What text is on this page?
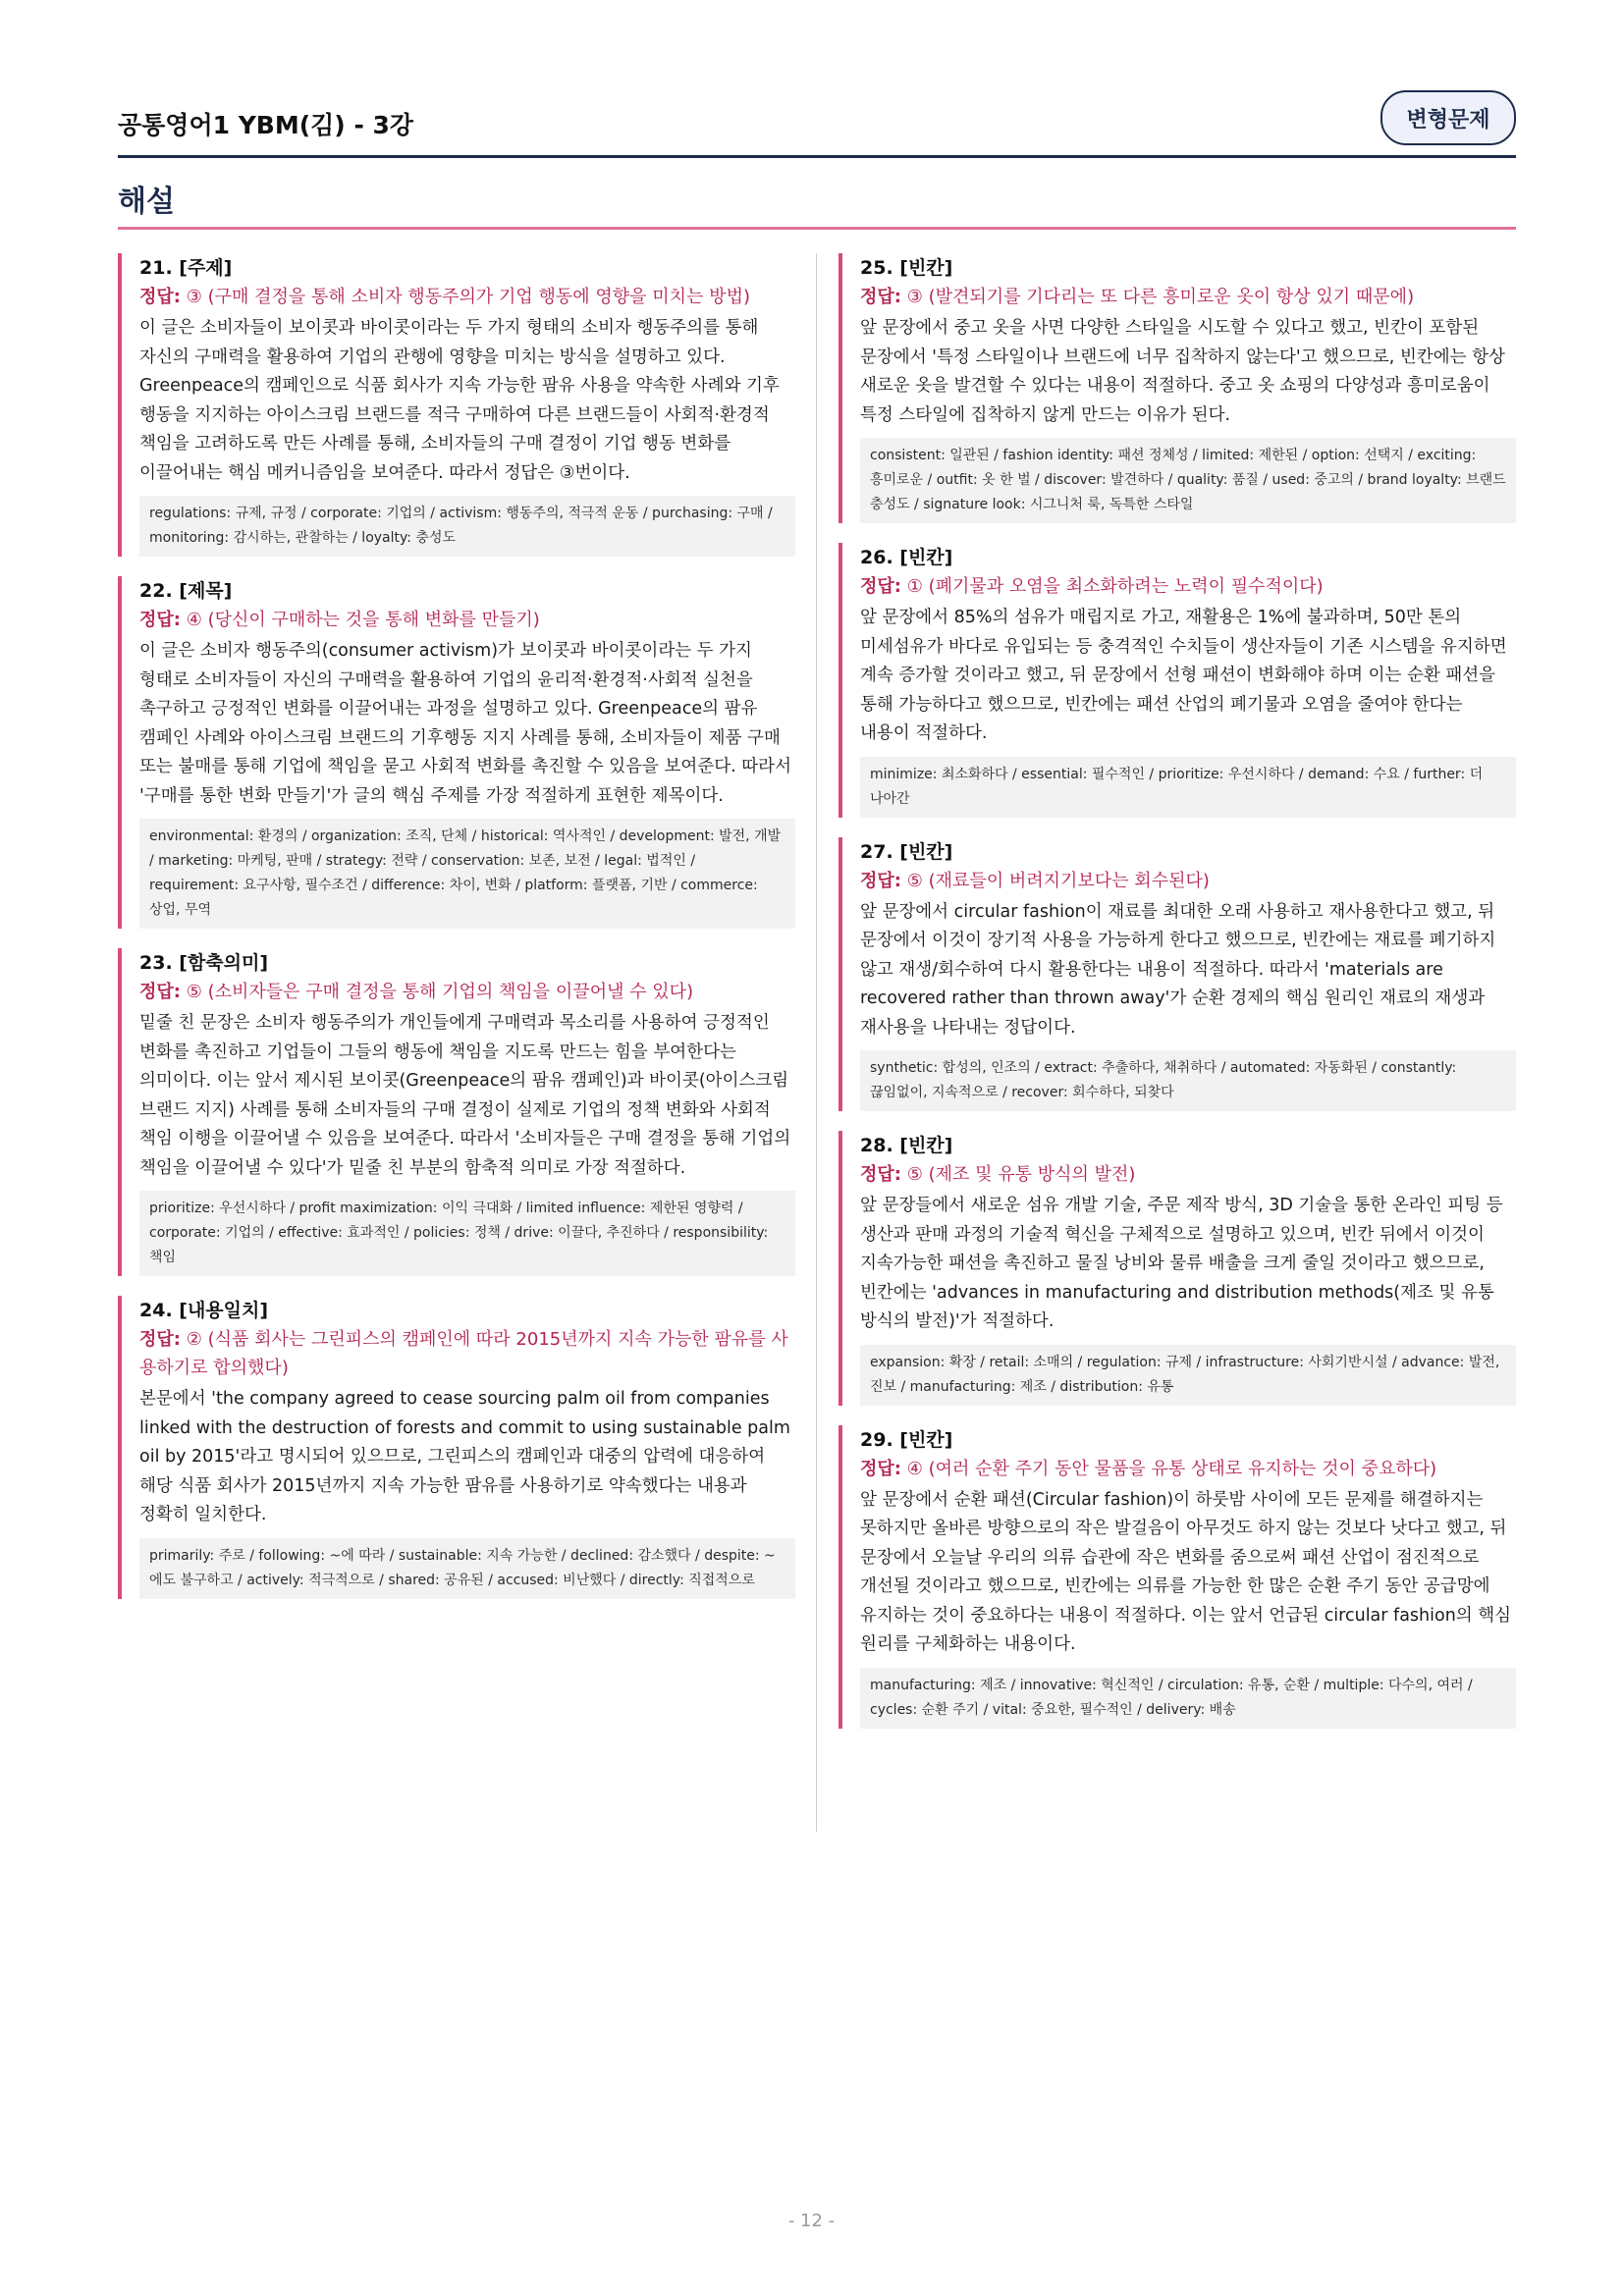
공통영어1 YBM(김) - 3강	변형문제
해설
21. [주제]
정답: ③ (구매 결정을 통해 소비자 행동주의가 기업 행동에 영향을 미치는 방법)
이 글은 소비자들이 보이콧과 바이콧이라는 두 가지 형태의 소비자 행동주의를 통해 자신의 구매력을 활용하여 기업의 관행에 영향을 미치는 방식을 설명하고 있다. Greenpeace의 캠페인으로 식품 회사가 지속 가능한 팜유 사용을 약속한 사례와 기후 행동을 지지하는 아이스크림 브랜드를 적극 구매하여 다른 브랜드들이 사회적·환경적 책임을 고려하도록 만든 사례를 통해, 소비자들의 구매 결정이 기업 행동 변화를 이끌어내는 핵심 메커니즘임을 보여준다. 따라서 정답은 ③번이다.
regulations: 규제, 규정 / corporate: 기업의 / activism: 행동주의, 적극적 운동 / purchasing: 구매 / monitoring: 감시하는, 관찰하는 / loyalty: 충성도
22. [제목]
정답: ④ (당신이 구매하는 것을 통해 변화를 만들기)
이 글은 소비자 행동주의(consumer activism)가 보이콧과 바이콧이라는 두 가지 형태로 소비자들이 자신의 구매력을 활용하여 기업의 윤리적·환경적·사회적 실천을 촉구하고 긍정적인 변화를 이끌어내는 과정을 설명하고 있다. Greenpeace의 팜유 캠페인 사례와 아이스크림 브랜드의 기후행동 지지 사례를 통해, 소비자들이 제품 구매 또는 불매를 통해 기업에 책임을 묻고 사회적 변화를 촉진할 수 있음을 보여준다. 따라서 '구매를 통한 변화 만들기'가 글의 핵심 주제를 가장 적절하게 표현한 제목이다.
environmental: 환경의 / organization: 조직, 단체 / historical: 역사적인 / development: 발전, 개발 / marketing: 마케팅, 판매 / strategy: 전략 / conservation: 보존, 보전 / legal: 법적인 / requirement: 요구사항, 필수조건 / difference: 차이, 변화 / platform: 플랫폼, 기반 / commerce: 상업, 무역
23. [함축의미]
정답: ⑤ (소비자들은 구매 결정을 통해 기업의 책임을 이끌어낼 수 있다)
밑줄 친 문장은 소비자 행동주의가 개인들에게 구매력과 목소리를 사용하여 긍정적인 변화를 촉진하고 기업들이 그들의 행동에 책임을 지도록 만드는 힘을 부여한다는 의미이다. 이는 앞서 제시된 보이콧(Greenpeace의 팜유 캠페인)과 바이콧(아이스크림 브랜드 지지) 사례를 통해 소비자들의 구매 결정이 실제로 기업의 정책 변화와 사회적 책임 이행을 이끌어낼 수 있음을 보여준다. 따라서 '소비자들은 구매 결정을 통해 기업의 책임을 이끌어낼 수 있다'가 밑줄 친 부분의 함축적 의미로 가장 적절하다.
prioritize: 우선시하다 / profit maximization: 이익 극대화 / limited influence: 제한된 영향력 / corporate: 기업의 / effective: 효과적인 / policies: 정책 / drive: 이끌다, 추진하다 / responsibility: 책임
24. [내용일치]
정답: ② (식품 회사는 그린피스의 캠페인에 따라 2015년까지 지속 가능한 팜유를 사용하기로 합의했다)
본문에서 'the company agreed to cease sourcing palm oil from companies linked with the destruction of forests and commit to using sustainable palm oil by 2015'라고 명시되어 있으므로, 그린피스의 캠페인과 대중의 압력에 대응하여 해당 식품 회사가 2015년까지 지속 가능한 팜유를 사용하기로 약속했다는 내용과 정확히 일치한다.
primarily: 주로 / following: ~에 따라 / sustainable: 지속 가능한 / declined: 감소했다 / despite: ~에도 불구하고 / actively: 적극적으로 / shared: 공유된 / accused: 비난했다 / directly: 직접적으로
25. [빈칸]
정답: ③ (발견되기를 기다리는 또 다른 흥미로운 옷이 항상 있기 때문에)
앞 문장에서 중고 옷을 사면 다양한 스타일을 시도할 수 있다고 했고, 빈칸이 포함된 문장에서 '특정 스타일이나 브랜드에 너무 집착하지 않는다'고 했으므로, 빈칸에는 항상 새로운 옷을 발견할 수 있다는 내용이 적절하다. 중고 옷 쇼핑의 다양성과 흥미로움이 특정 스타일에 집착하지 않게 만드는 이유가 된다.
consistent: 일관된 / fashion identity: 패션 정체성 / limited: 제한된 / option: 선택지 / exciting: 흥미로운 / outfit: 옷 한 벌 / discover: 발견하다 / quality: 품질 / used: 중고의 / brand loyalty: 브랜드 충성도 / signature look: 시그니처 룩, 독특한 스타일
26. [빈칸]
정답: ① (폐기물과 오염을 최소화하려는 노력이 필수적이다)
앞 문장에서 85%의 섬유가 매립지로 가고, 재활용은 1%에 불과하며, 50만 톤의 미세섬유가 바다로 유입되는 등 충격적인 수치들이 생산자들이 기존 시스템을 유지하면 계속 증가할 것이라고 했고, 뒤 문장에서 선형 패션이 변화해야 하며 이는 순환 패션을 통해 가능하다고 했으므로, 빈칸에는 패션 산업의 폐기물과 오염을 줄여야 한다는 내용이 적절하다.
minimize: 최소화하다 / essential: 필수적인 / prioritize: 우선시하다 / demand: 수요 / further: 더 나아간
27. [빈칸]
정답: ⑤ (재료들이 버려지기보다는 회수된다)
앞 문장에서 circular fashion이 재료를 최대한 오래 사용하고 재사용한다고 했고, 뒤 문장에서 이것이 장기적 사용을 가능하게 한다고 했으므로, 빈칸에는 재료를 폐기하지 않고 재생/회수하여 다시 활용한다는 내용이 적절하다. 따라서 'materials are recovered rather than thrown away'가 순환 경제의 핵심 원리인 재료의 재생과 재사용을 나타내는 정답이다.
synthetic: 합성의, 인조의 / extract: 추출하다, 채취하다 / automated: 자동화된 / constantly: 끊임없이, 지속적으로 / recover: 회수하다, 되찾다
28. [빈칸]
정답: ⑤ (제조 및 유통 방식의 발전)
앞 문장들에서 새로운 섬유 개발 기술, 주문 제작 방식, 3D 기술을 통한 온라인 피팅 등 생산과 판매 과정의 기술적 혁신을 구체적으로 설명하고 있으며, 빈칸 뒤에서 이것이 지속가능한 패션을 촉진하고 물질 낭비와 물류 배출을 크게 줄일 것이라고 했으므로, 빈칸에는 'advances in manufacturing and distribution methods(제조 및 유통 방식의 발전)'가 적절하다.
expansion: 확장 / retail: 소매의 / regulation: 규제 / infrastructure: 사회기반시설 / advance: 발전, 진보 / manufacturing: 제조 / distribution: 유통
29. [빈칸]
정답: ④ (여러 순환 주기 동안 물품을 유통 상태로 유지하는 것이 중요하다)
앞 문장에서 순환 패션(Circular fashion)이 하룻밤 사이에 모든 문제를 해결하지는 못하지만 올바른 방향으로의 작은 발걸음이 아무것도 하지 않는 것보다 낫다고 했고, 뒤 문장에서 오늘날 우리의 의류 습관에 작은 변화를 줌으로써 패션 산업이 점진적으로 개선될 것이라고 했으므로, 빈칸에는 의류를 가능한 한 많은 순환 주기 동안 공급망에 유지하는 것이 중요하다는 내용이 적절하다. 이는 앞서 언급된 circular fashion의 핵심 원리를 구체화하는 내용이다.
manufacturing: 제조 / innovative: 혁신적인 / circulation: 유통, 순환 / multiple: 다수의, 여러 / cycles: 순환 주기 / vital: 중요한, 필수적인 / delivery: 배송
- 12 -
